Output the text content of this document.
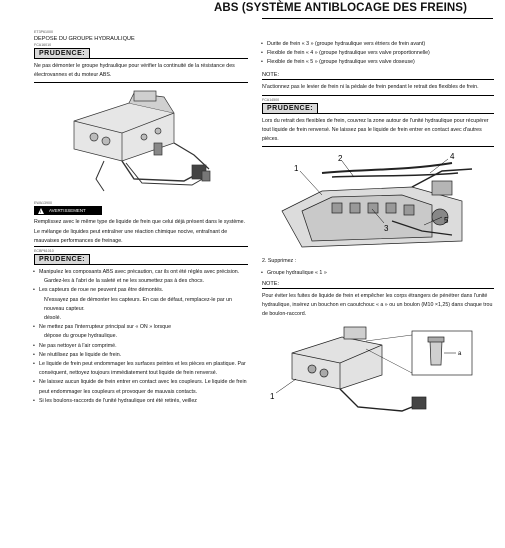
ABS (SYSTÈME ANTIBLOCAGE DES FREINS)
ET3P61000
DEPOSE DU GROUPE HYDRAULIQUE
FCA16010
PRUDENCE:
Ne pas démonter le groupe hydraulique pour vérifier la continuité de la résistance des électrovannes et du moteur ABS.
EWA13900
!
AVERTISSEMENT
Remplissez avec le même type de liquide de frein que celui déjà présent dans le système. Le mélange de liquides peut entraîner une réaction chimique nocive, entraînant de mauvaises performances de freinage.
ECBP61010
PRUDENCE:
• Manipulez les composants ABS avec précaution, car ils ont été réglés avec précision.
Gardez-les à l'abri de la saleté et ne les soumettez pas à des chocs.
• Les capteurs de roue ne peuvent pas être démontés.
N'essayez pas de démonter les capteurs. En cas de défaut, remplacez-le par un nouveau capteur.
désolé.
• Ne mettez pas l'interrupteur principal sur « ON » lorsque
dépose du groupe hydraulique.
• Ne pas nettoyer à l'air comprimé.
• Ne réutilisez pas le liquide de frein.
• Le liquide de frein peut endommager les surfaces peintes et les pièces en plastique. Par conséquent, nettoyez toujours immédiatement tout liquide de frein renversé.
• Ne laissez aucun liquide de frein entrer en contact avec les coupleurs. Le liquide de frein peut endommager les coupleurs et provoquer de mauvais contacts.
• Si les boulons-raccords de l'unité hydraulique ont été retirés, veillez
• Durite de frein « 3 » (groupe hydraulique vers étriers de frein avant)
• Flexible de frein « 4 » (groupe hydraulique vers valve proportionnelle)
• Flexible de frein « 5 » (groupe hydraulique vers valve doseuse)
NOTE:
N'actionnez pas le levier de frein ni la pédale de frein pendant le retrait des flexibles de frein.
FCA14500
PRUDENCE:
Lors du retrait des flexibles de frein, couvrez la zone autour de l'unité hydraulique pour récupérer tout liquide de frein renversé. Ne laissez pas le liquide de frein entrer en contact avec d'autres pièces.
1
2
3
4
5
2. Supprimez :
• Groupe hydraulique « 1 »
NOTE:
Pour éviter les fuites de liquide de frein et empêcher les corps étrangers de pénétrer dans l'unité hydraulique, insérez un bouchon en caoutchouc « a » ou un boulon (M10 ×1,25) dans chaque trou de boulon-raccord.
1
a
